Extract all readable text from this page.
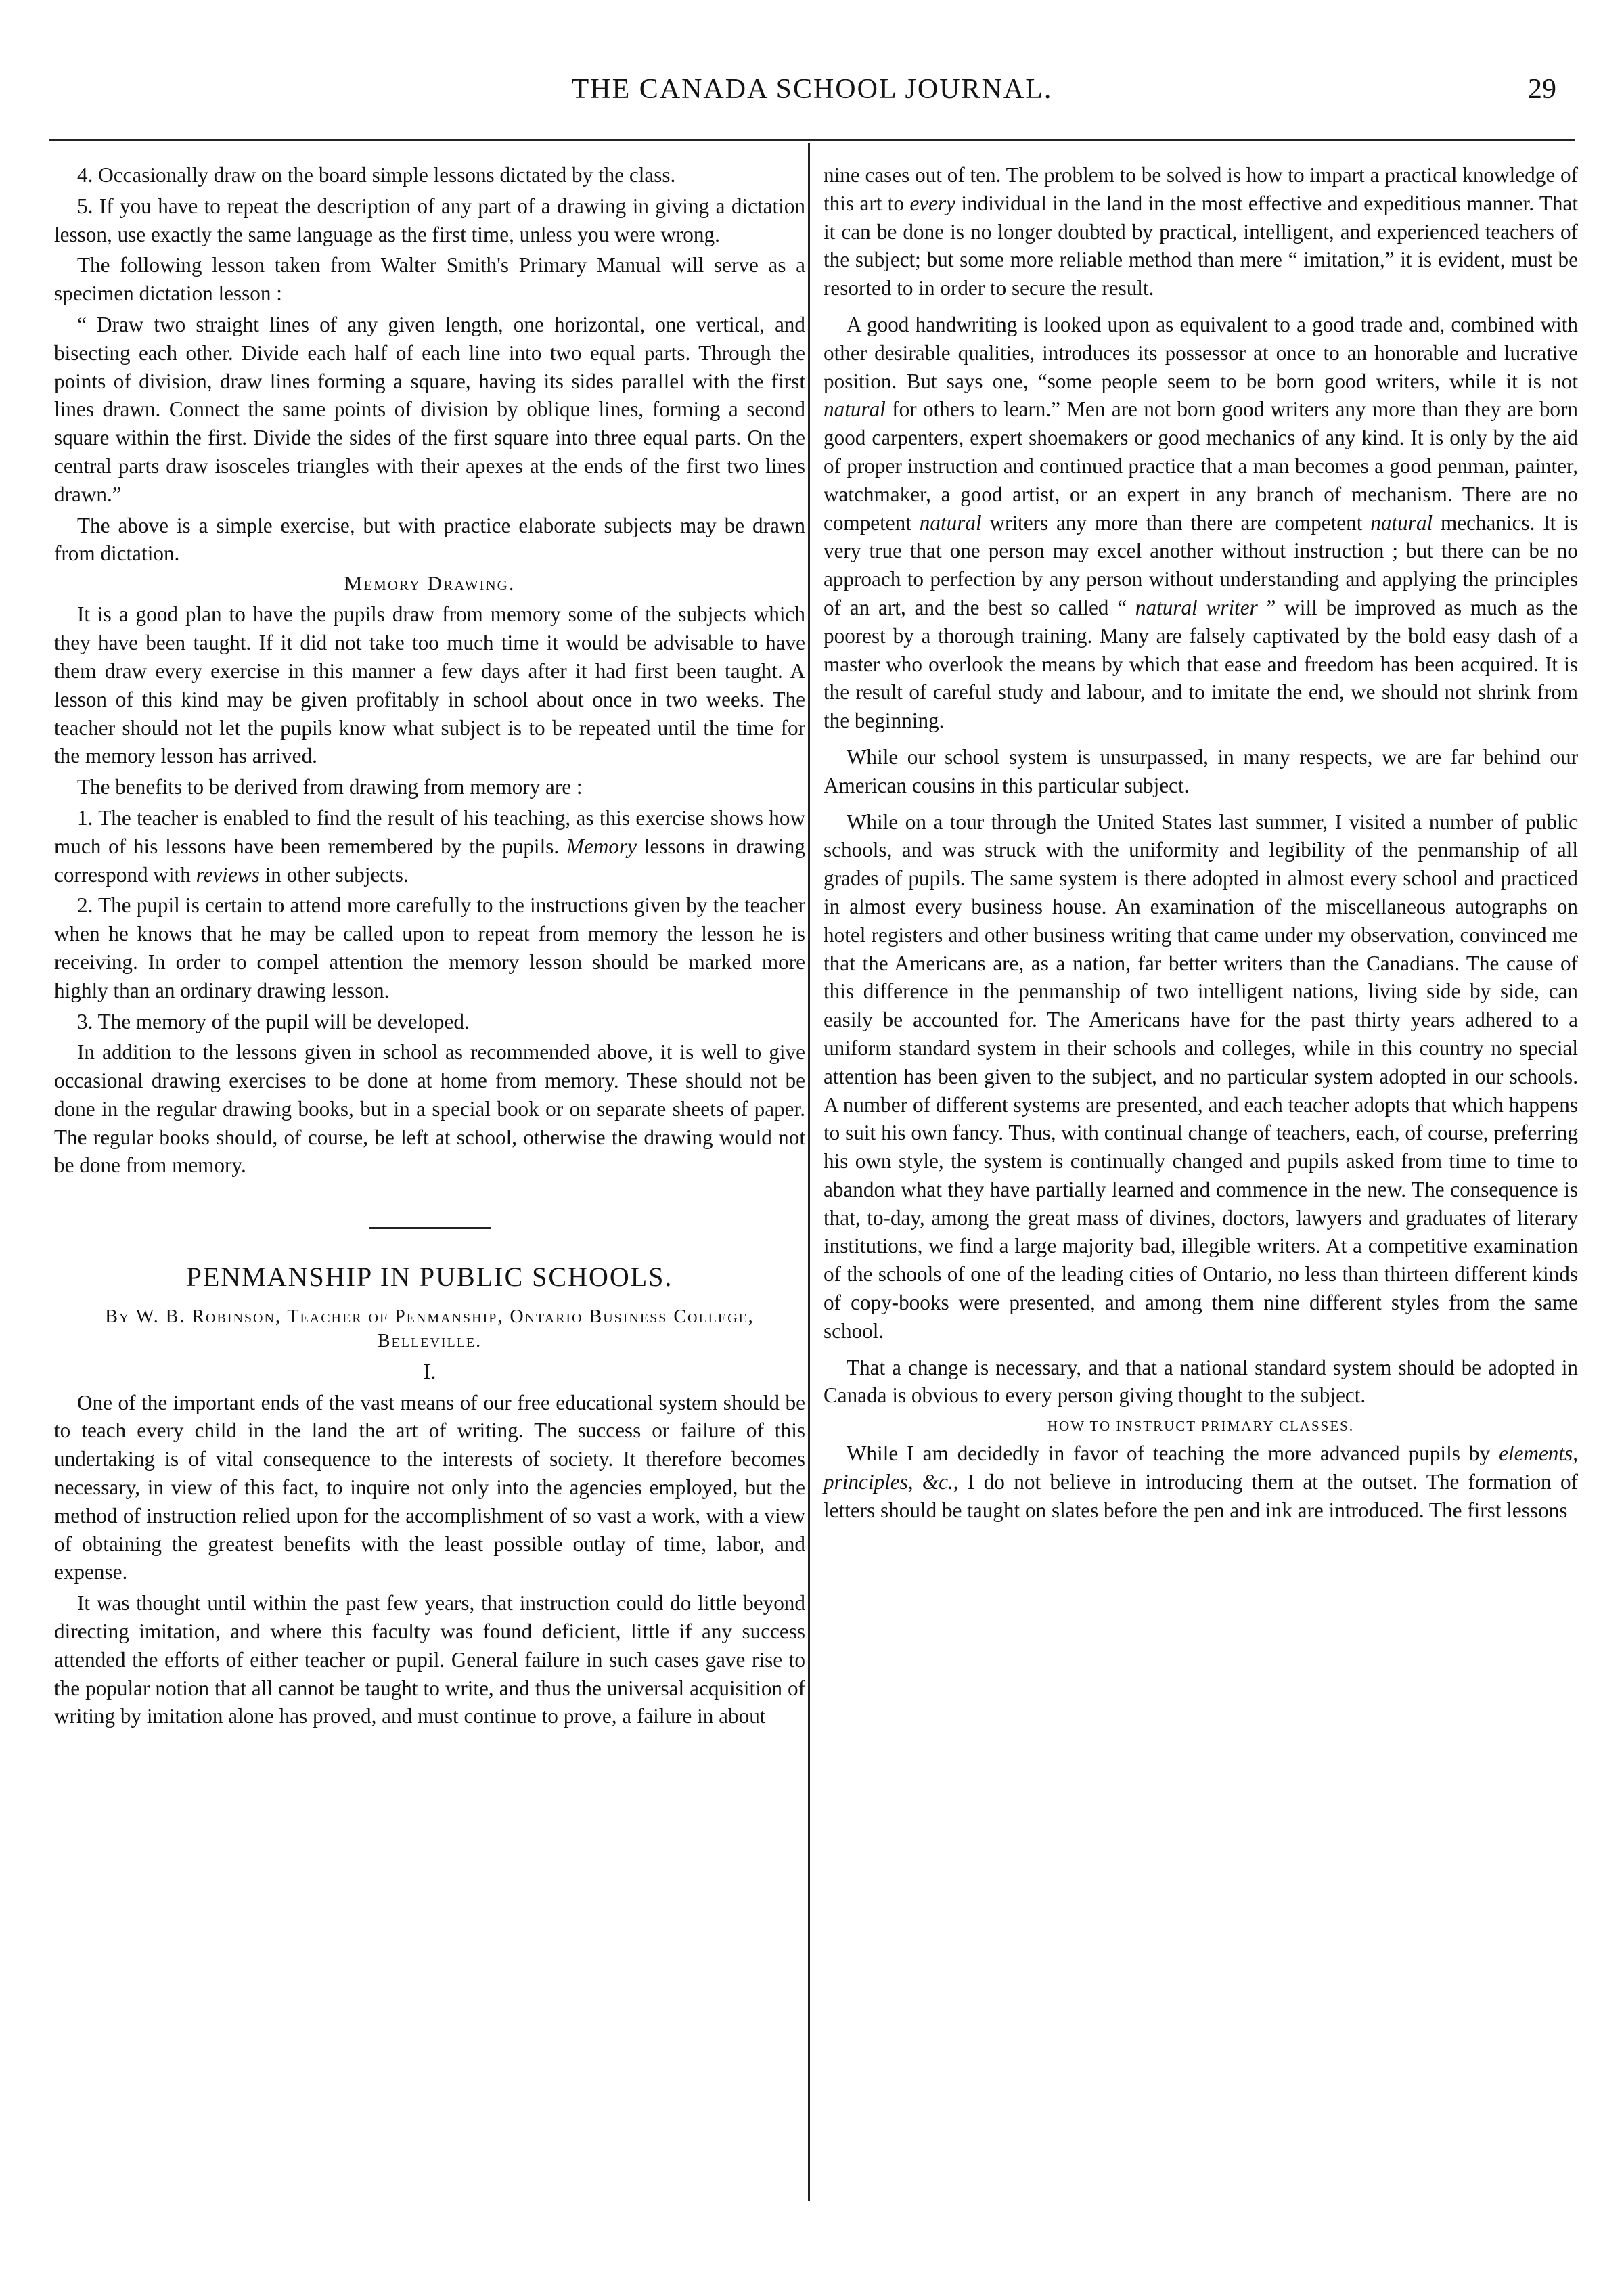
THE CANADA SCHOOL JOURNAL.	29

4. Occasionally draw on the board simple lessons dictated by the class.

5. If you have to repeat the description of any part of a drawing in giving a dictation lesson, use exactly the same language as the first time, unless you were wrong.

The following lesson taken from Walter Smith's Primary Manual will serve as a specimen dictation lesson :

“ Draw two straight lines of any given length, one horizontal, one vertical, and bisecting each other. Divide each half of each line into two equal parts. Through the points of division, draw lines forming a square, having its sides parallel with the first lines drawn. Connect the same points of division by oblique lines, forming a second square within the first. Divide the sides of the first square into three equal parts. On the central parts draw isosceles triangles with their apexes at the ends of the first two lines drawn.”

The above is a simple exercise, but with practice elaborate subjects may be drawn from dictation.

Memory Drawing.

It is a good plan to have the pupils draw from memory some of the subjects which they have been taught. If it did not take too much time it would be advisable to have them draw every exercise in this manner a few days after it had first been taught. A lesson of this kind may be given profitably in school about once in two weeks. The teacher should not let the pupils know what subject is to be repeated until the time for the memory lesson has arrived.

The benefits to be derived from drawing from memory are :

1. The teacher is enabled to find the result of his teaching, as this exercise shows how much of his lessons have been remembered by the pupils. Memory lessons in drawing correspond with reviews in other subjects.

2. The pupil is certain to attend more carefully to the instructions given by the teacher when he knows that he may be called upon to repeat from memory the lesson he is receiving. In order to compel attention the memory lesson should be marked more highly than an ordinary drawing lesson.

3. The memory of the pupil will be developed.

In addition to the lessons given in school as recommended above, it is well to give occasional drawing exercises to be done at home from memory. These should not be done in the regular drawing books, but in a special book or on separate sheets of paper. The regular books should, of course, be left at school, otherwise the drawing would not be done from memory.

PENMANSHIP IN PUBLIC SCHOOLS.
By W. B. Robinson, Teacher of Penmanship, Ontario Business College, Belleville.
I.

One of the important ends of the vast means of our free educational system should be to teach every child in the land the art of writing. The success or failure of this undertaking is of vital consequence to the interests of society. It therefore becomes necessary, in view of this fact, to inquire not only into the agencies employed, but the method of instruction relied upon for the accomplishment of so vast a work, with a view of obtaining the greatest benefits with the least possible outlay of time, labor, and expense.

It was thought until within the past few years, that instruction could do little beyond directing imitation, and where this faculty was found deficient, little if any success attended the efforts of either teacher or pupil. General failure in such cases gave rise to the popular notion that all cannot be taught to write, and thus the universal acquisition of writing by imitation alone has proved, and must continue to prove, a failure in about

nine cases out of ten. The problem to be solved is how to impart a practical knowledge of this art to every individual in the land in the most effective and expeditious manner. That it can be done is no longer doubted by practical, intelligent, and experienced teachers of the subject; but some more reliable method than mere “ imitation,” it is evident, must be resorted to in order to secure the result.

A good handwriting is looked upon as equivalent to a good trade and, combined with other desirable qualities, introduces its possessor at once to an honorable and lucrative position. But says one, “some people seem to be born good writers, while it is not natural for others to learn.” Men are not born good writers any more than they are born good carpenters, expert shoemakers or good mechanics of any kind. It is only by the aid of proper instruction and continued practice that a man becomes a good penman, painter, watchmaker, a good artist, or an expert in any branch of mechanism. There are no competent natural writers any more than there are competent natural mechanics. It is very true that one person may excel another without instruction ; but there can be no approach to perfection by any person without understanding and applying the principles of an art, and the best so called “ natural writer ” will be improved as much as the poorest by a thorough training. Many are falsely captivated by the bold easy dash of a master who overlook the means by which that ease and freedom has been acquired. It is the result of careful study and labour, and to imitate the end, we should not shrink from the beginning.

While our school system is unsurpassed, in many respects, we are far behind our American cousins in this particular subject.

While on a tour through the United States last summer, I visited a number of public schools, and was struck with the uniformity and legibility of the penmanship of all grades of pupils. The same system is there adopted in almost every school and practiced in almost every business house. An examination of the miscellaneous autographs on hotel registers and other business writing that came under my observation, convinced me that the Americans are, as a nation, far better writers than the Canadians. The cause of this difference in the penmanship of two intelligent nations, living side by side, can easily be accounted for. The Americans have for the past thirty years adhered to a uniform standard system in their schools and colleges, while in this country no special attention has been given to the subject, and no particular system adopted in our schools. A number of different systems are presented, and each teacher adopts that which happens to suit his own fancy. Thus, with continual change of teachers, each, of course, preferring his own style, the system is continually changed and pupils asked from time to time to abandon what they have partially learned and commence in the new. The consequence is that, to-day, among the great mass of divines, doctors, lawyers and graduates of literary institutions, we find a large majority bad, illegible writers. At a competitive examination of the schools of one of the leading cities of Ontario, no less than thirteen different kinds of copy-books were presented, and among them nine different styles from the same school.

That a change is necessary, and that a national standard system should be adopted in Canada is obvious to every person giving thought to the subject.

HOW TO INSTRUCT PRIMARY CLASSES.

While I am decidedly in favor of teaching the more advanced pupils by elements, principles, &c., I do not believe in introducing them at the outset. The formation of letters should be taught on slates before the pen and ink are introduced. The first lessons
